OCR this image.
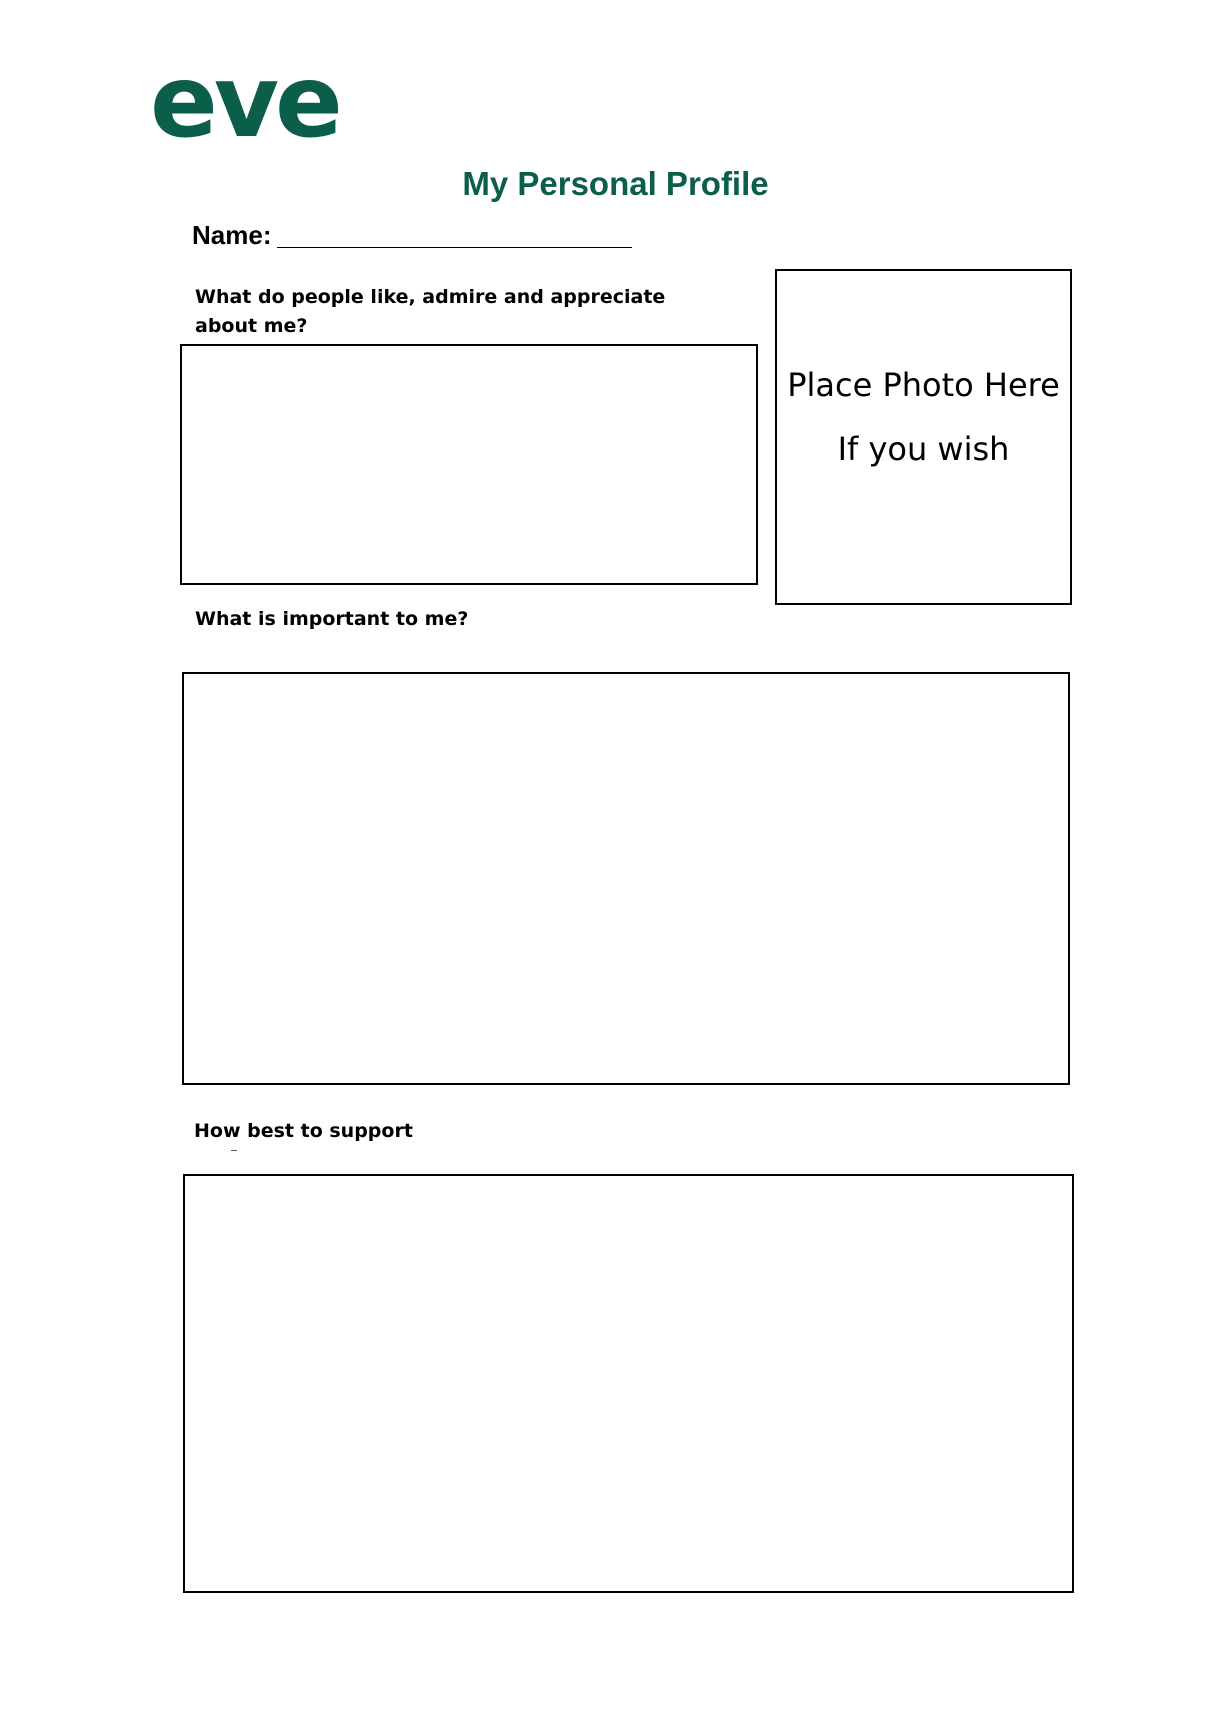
eve
My Personal Profile
Name:
What do people like, admire and appreciate
about me?
Place Photo Here
If you wish
What is important to me?
How best to support
